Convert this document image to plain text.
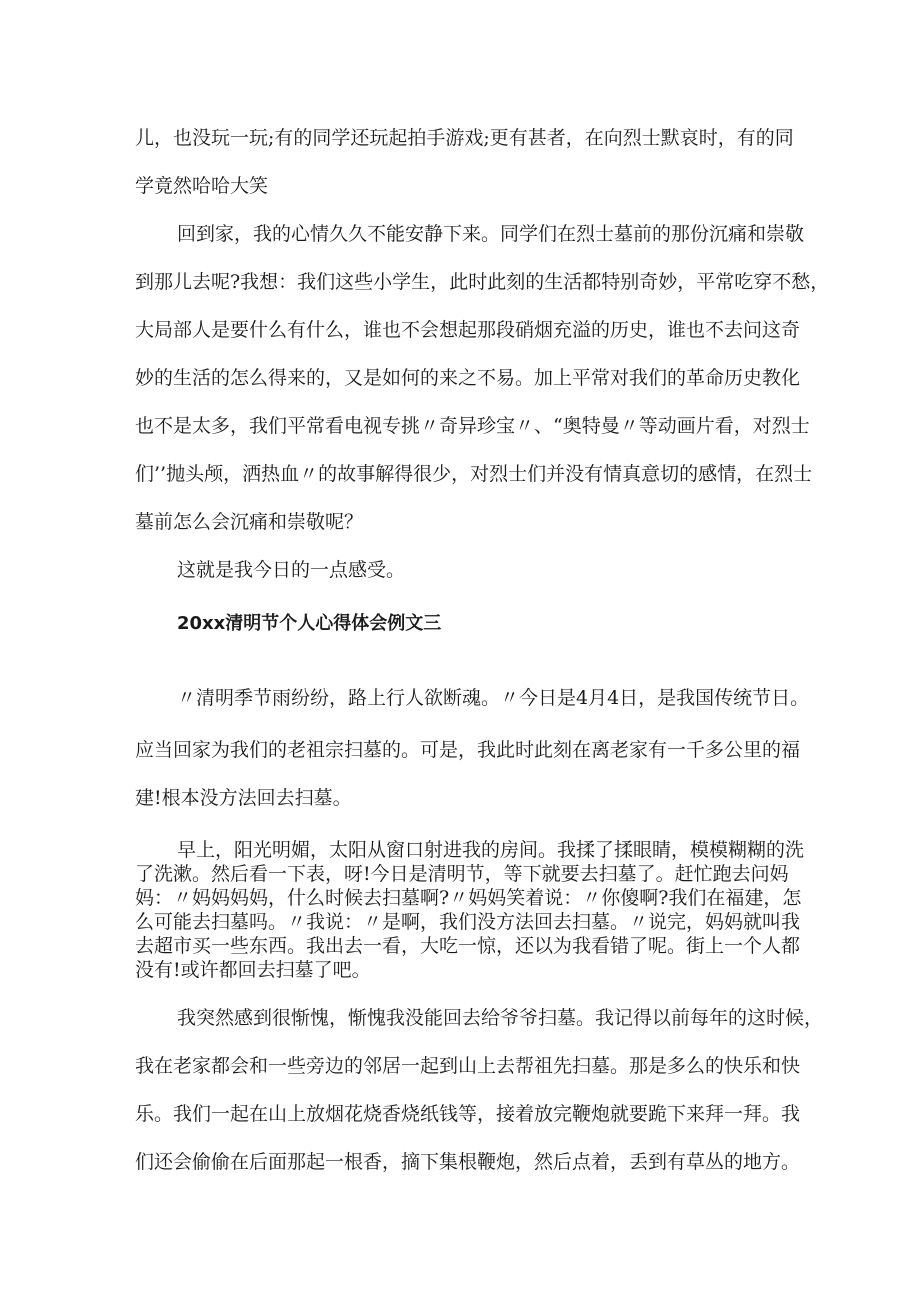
儿，也没玩一玩;有的同学还玩起拍手游戏;更有甚者，在向烈士默哀时，有的同
学竟然哈哈大笑
回到家，我的心情久久不能安静下来。同学们在烈士墓前的那份沉痛和崇敬
到那儿去呢?我想：我们这些小学生，此时此刻的生活都特别奇妙，平常吃穿不愁，
大局部人是要什么有什么，谁也不会想起那段硝烟充溢的历史，谁也不去问这奇
妙的生活的怎么得来的，又是如何的来之不易。加上平常对我们的革命历史教化
也不是太多，我们平常看电视专挑〃奇异珍宝〃、“奥特曼〃等动画片看，对烈士
们’’抛头颅，洒热血〃的故事解得很少，对烈士们并没有情真意切的感情，在烈士
墓前怎么会沉痛和崇敬呢？
这就是我今日的一点感受。
20xx清明节个人心得体会例文三
〃清明季节雨纷纷，路上行人欲断魂。〃今日是4月4日，是我国传统节日。
应当回家为我们的老祖宗扫墓的。可是，我此时此刻在离老家有一千多公里的福
建!根本没方法回去扫墓。
早上，阳光明媚，太阳从窗口射进我的房间。我揉了揉眼睛，模模糊糊的洗
了洗漱。然后看一下表，呀!今日是清明节，等下就要去扫墓了。赶忙跑去问妈
妈：〃妈妈妈妈，什么时候去扫墓啊?〃妈妈笑着说：〃你傻啊?我们在福建，怎
么可能去扫墓吗。〃我说：〃是啊，我们没方法回去扫墓。〃说完，妈妈就叫我
去超市买一些东西。我出去一看，大吃一惊，还以为我看错了呢。街上一个人都
没有!或许都回去扫墓了吧。
我突然感到很惭愧，惭愧我没能回去给爷爷扫墓。我记得以前每年的这时候，
我在老家都会和一些旁边的邻居一起到山上去帮祖先扫墓。那是多么的快乐和快
乐。我们一起在山上放烟花烧香烧纸钱等，接着放完鞭炮就要跪下来拜一拜。我
们还会偷偷在后面那起一根香，摘下集根鞭炮，然后点着，丢到有草丛的地方。
